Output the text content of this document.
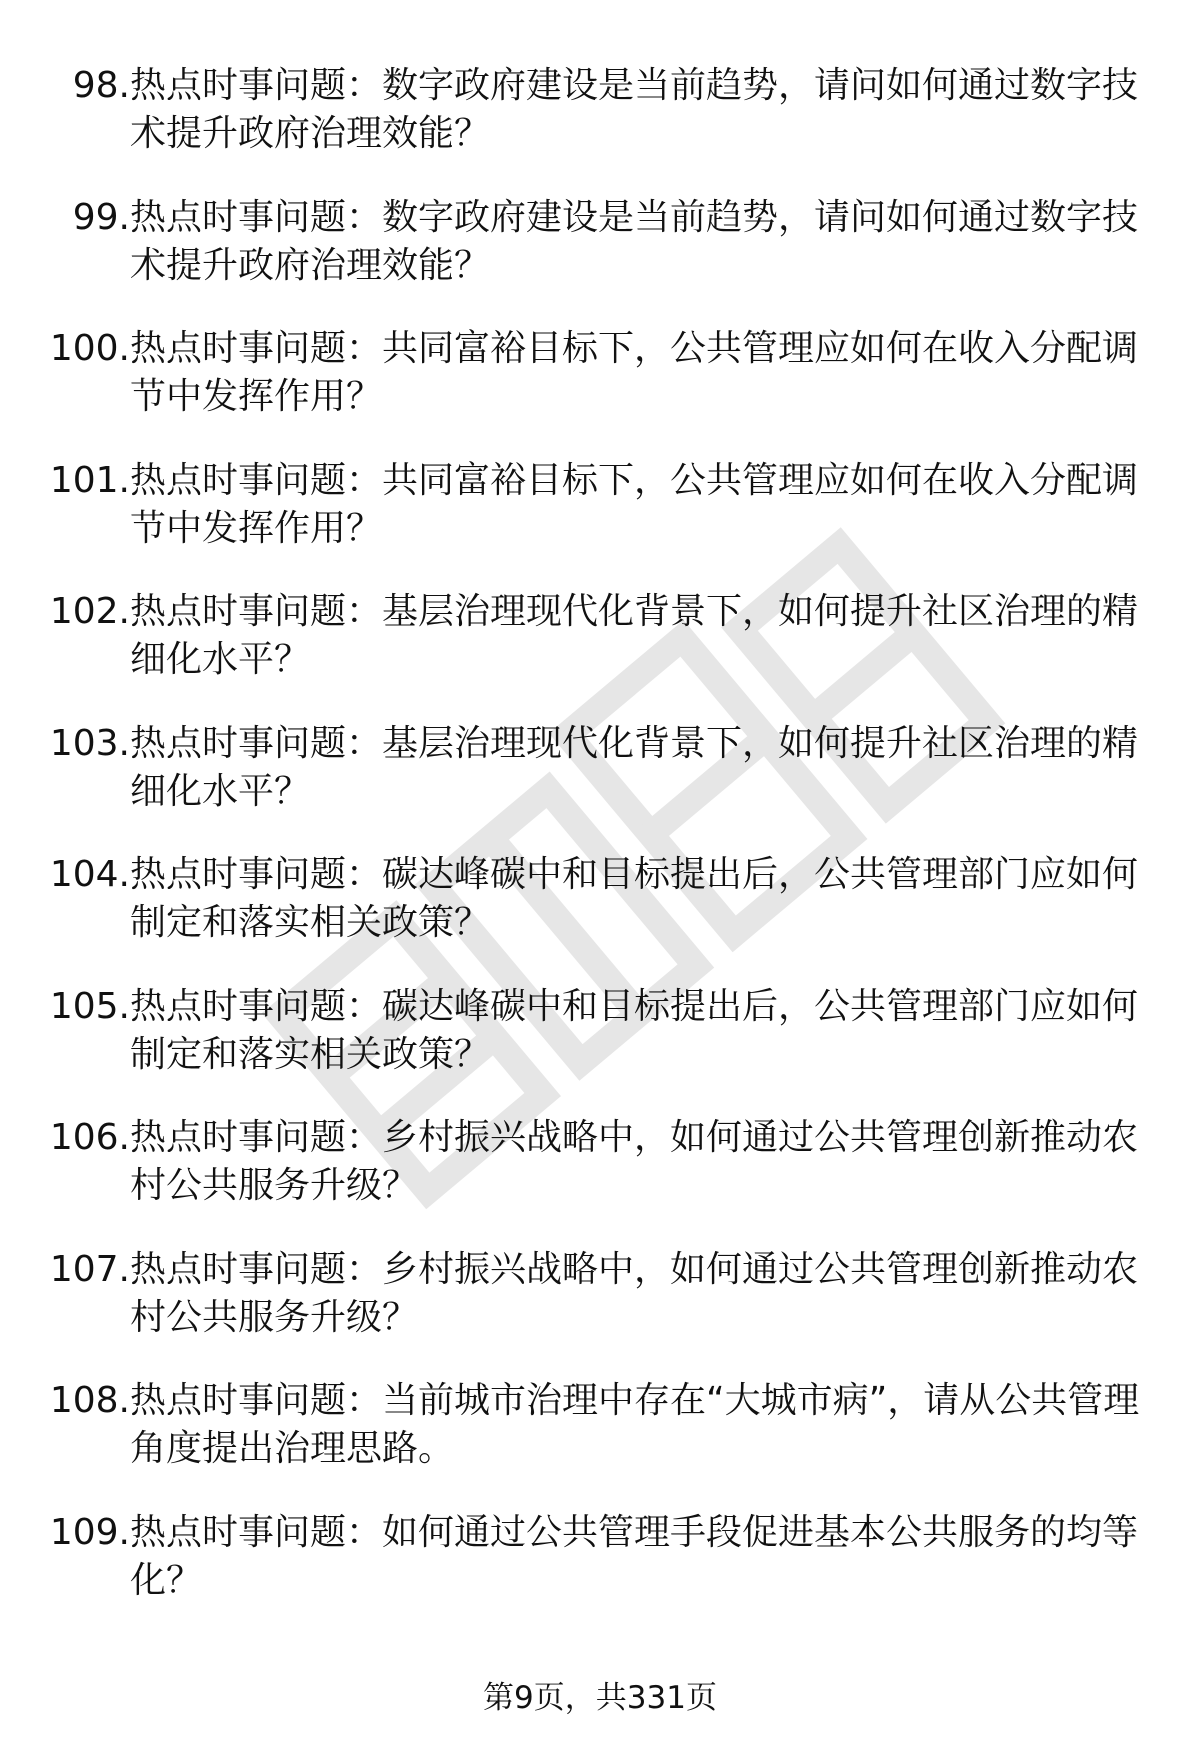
98. 热点时事问题：数字政府建设是当前趋势，请问如何通过数字技术提升政府治理效能？
99. 热点时事问题：数字政府建设是当前趋势，请问如何通过数字技术提升政府治理效能？
100. 热点时事问题：共同富裕目标下，公共管理应如何在收入分配调节中发挥作用？
101. 热点时事问题：共同富裕目标下，公共管理应如何在收入分配调节中发挥作用？
102. 热点时事问题：基层治理现代化背景下，如何提升社区治理的精细化水平？
103. 热点时事问题：基层治理现代化背景下，如何提升社区治理的精细化水平？
104. 热点时事问题：碳达峰碳中和目标提出后，公共管理部门应如何制定和落实相关政策？
105. 热点时事问题：碳达峰碳中和目标提出后，公共管理部门应如何制定和落实相关政策？
106. 热点时事问题：乡村振兴战略中，如何通过公共管理创新推动农村公共服务升级？
107. 热点时事问题：乡村振兴战略中，如何通过公共管理创新推动农村公共服务升级？
108. 热点时事问题：当前城市治理中存在“大城市病”，请从公共管理角度提出治理思路。
109. 热点时事问题：如何通过公共管理手段促进基本公共服务的均等化？
第9页，共331页
